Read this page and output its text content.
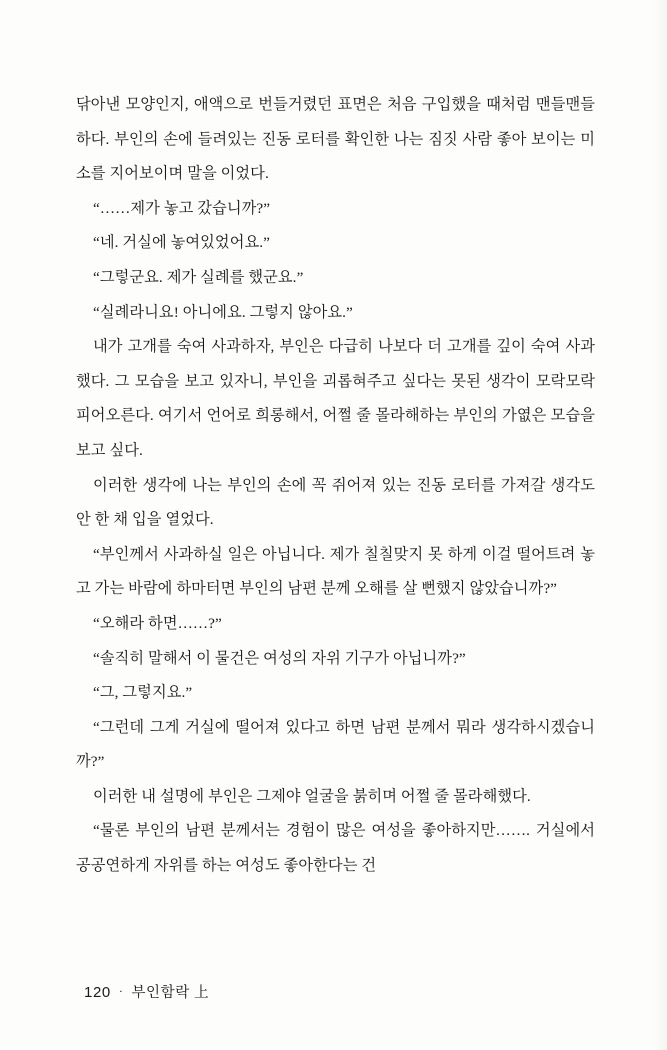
닦아낸 모양인지, 애액으로 번들거렸던 표면은 처음 구입했을 때처럼 맨들맨들하다. 부인의 손에 들려있는 진동 로터를 확인한 나는 짐짓 사람 좋아 보이는 미소를 지어보이며 말을 이었다.

“……제가 놓고 갔습니까?”

“네. 거실에 놓여있었어요.”

“그렇군요. 제가 실례를 했군요.”

“실례라니요! 아니에요. 그렇지 않아요.”

내가 고개를 숙여 사과하자, 부인은 다급히 나보다 더 고개를 깊이 숙여 사과했다. 그 모습을 보고 있자니, 부인을 괴롭혀주고 싶다는 못된 생각이 모락모락 피어오른다. 여기서 언어로 희롱해서, 어쩔 줄 몰라해하는 부인의 가엾은 모습을 보고 싶다.

이러한 생각에 나는 부인의 손에 꼭 쥐어져 있는 진동 로터를 가져갈 생각도 안 한 채 입을 열었다.

“부인께서 사과하실 일은 아닙니다. 제가 칠칠맞지 못 하게 이걸 떨어트려 놓고 가는 바람에 하마터면 부인의 남편 분께 오해를 살 뻔했지 않았습니까?”

“오해라 하면……?”

“솔직히 말해서 이 물건은 여성의 자위 기구가 아닙니까?”

“그, 그렇지요.”

“그런데 그게 거실에 떨어져 있다고 하면 남편 분께서 뭐라 생각하시겠습니까?”

이러한 내 설명에 부인은 그제야 얼굴을 붉히며 어쩔 줄 몰라해했다.

“물론 부인의 남편 분께서는 경험이 많은 여성을 좋아하지만……. 거실에서 공공연하게 자위를 하는 여성도 좋아한다는 건

120 · 부인함락 上
